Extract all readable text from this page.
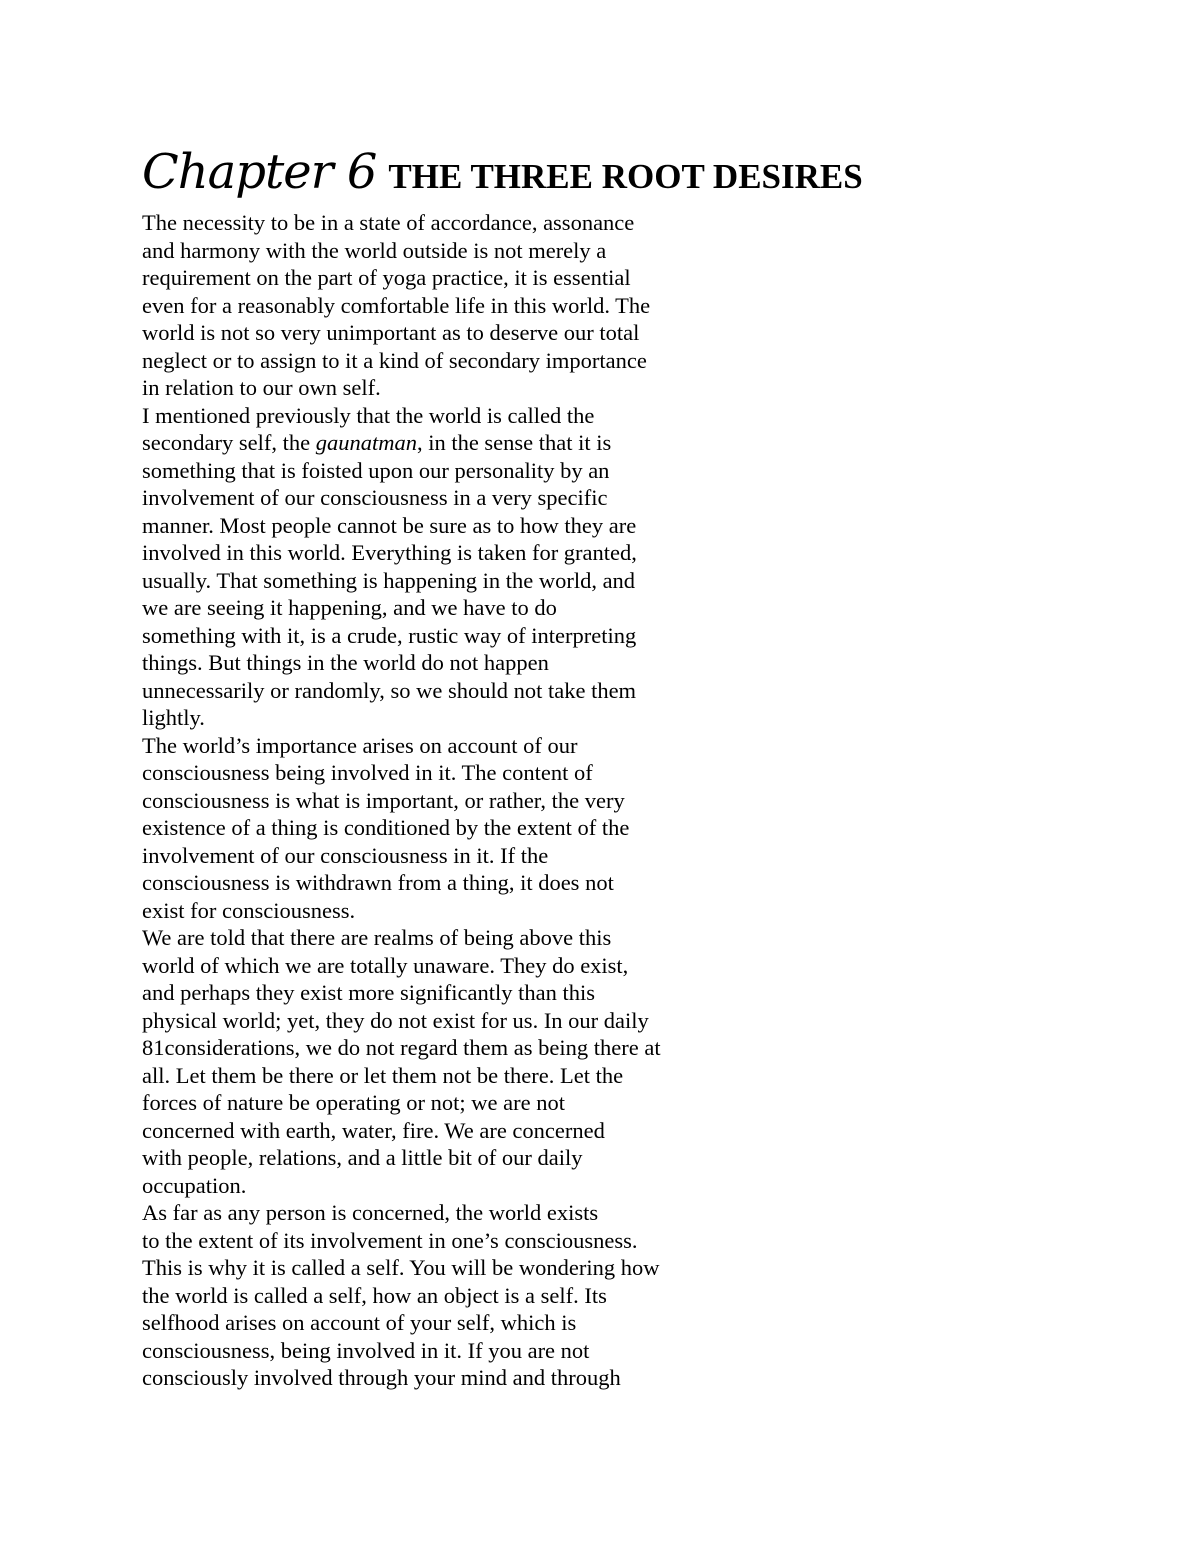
Chapter 6 THE THREE ROOT DESIRES
The necessity to be in a state of accordance, assonance
and harmony with the world outside is not merely a
requirement on the part of yoga practice, it is essential
even for a reasonably comfortable life in this world. The
world is not so very unimportant as to deserve our total
neglect or to assign to it a kind of secondary importance
in relation to our own self.
I mentioned previously that the world is called the
secondary self, the gaunatman, in the sense that it is
something that is foisted upon our personality by an
involvement of our consciousness in a very specific
manner. Most people cannot be sure as to how they are
involved in this world. Everything is taken for granted,
usually. That something is happening in the world, and
we are seeing it happening, and we have to do
something with it, is a crude, rustic way of interpreting
things. But things in the world do not happen
unnecessarily or randomly, so we should not take them
lightly.
The world’s importance arises on account of our
consciousness being involved in it. The content of
consciousness is what is important, or rather, the very
existence of a thing is conditioned by the extent of the
involvement of our consciousness in it. If the
consciousness is withdrawn from a thing, it does not
exist for consciousness.
We are told that there are realms of being above this
world of which we are totally unaware. They do exist,
and perhaps they exist more significantly than this
physical world; yet, they do not exist for us. In our daily
81considerations, we do not regard them as being there at
all. Let them be there or let them not be there. Let the
forces of nature be operating or not; we are not
concerned with earth, water, fire. We are concerned
with people, relations, and a little bit of our daily
occupation.
As far as any person is concerned, the world exists
to the extent of its involvement in one’s consciousness.
This is why it is called a self. You will be wondering how
the world is called a self, how an object is a self. Its
selfhood arises on account of your self, which is
consciousness, being involved in it. If you are not
consciously involved through your mind and through
